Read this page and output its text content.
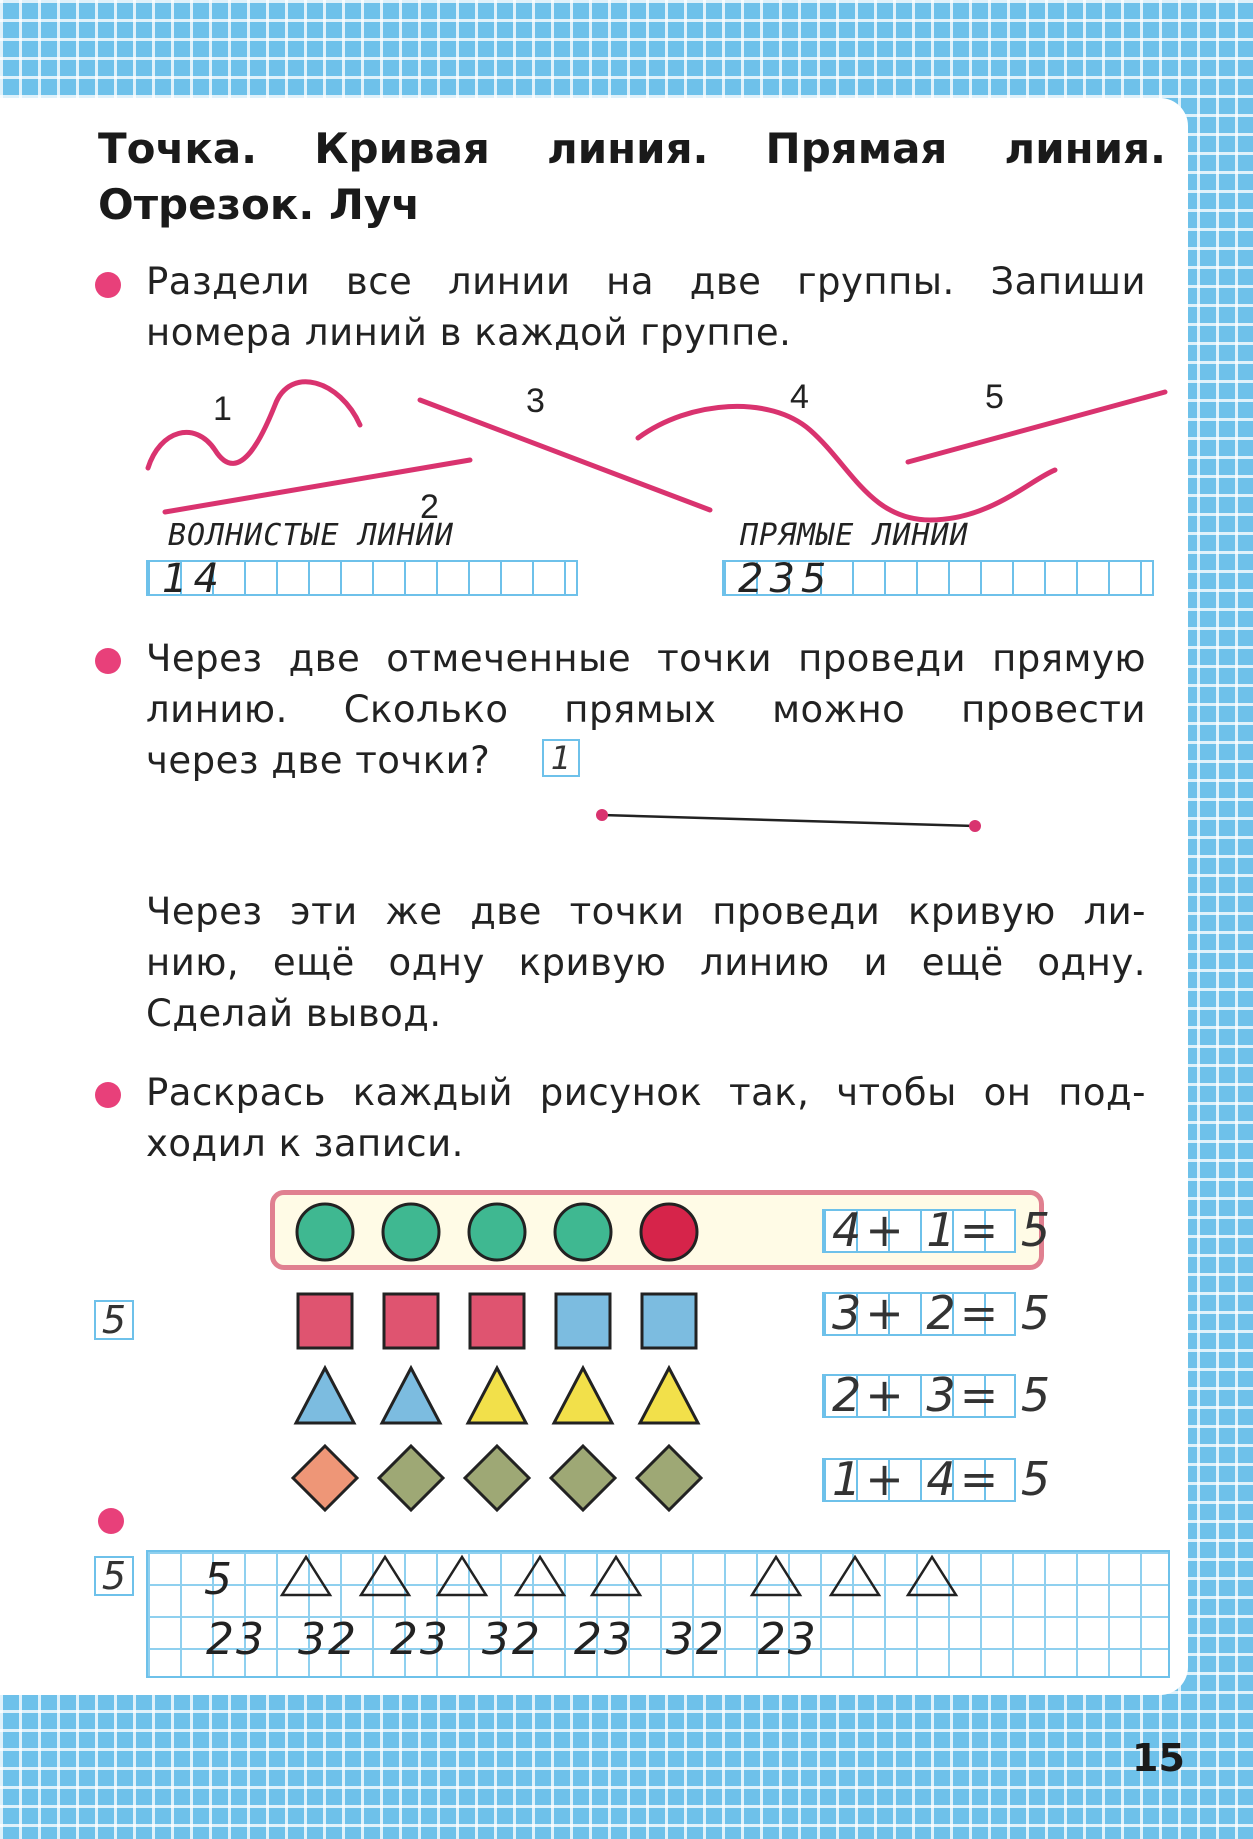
Точка. Кривая линия. Прямая линия.
Отрезок. Луч
Раздели все линии на две группы. Запиши
номера линий в каждой группе.
1
2
3	4	5
ВОЛНИСТЫЕ ЛИНИИ
14
ПРЯМЫЕ ЛИНИИ
235
Через две отмеченные точки проведи прямую
линию. Сколько прямых можно провести
через две точки?	1
Через эти же две точки проведи кривую ли-
нию, ещё одну кривую линию и ещё одну.
Сделай вывод.
Раскрась каждый рисунок так, чтобы он под-
ходил к записи.
5
4+ 1= 5
3+ 2= 5
2+ 3= 5
1+ 4= 5
5 5
23  32  23  32  23  32  23
15
